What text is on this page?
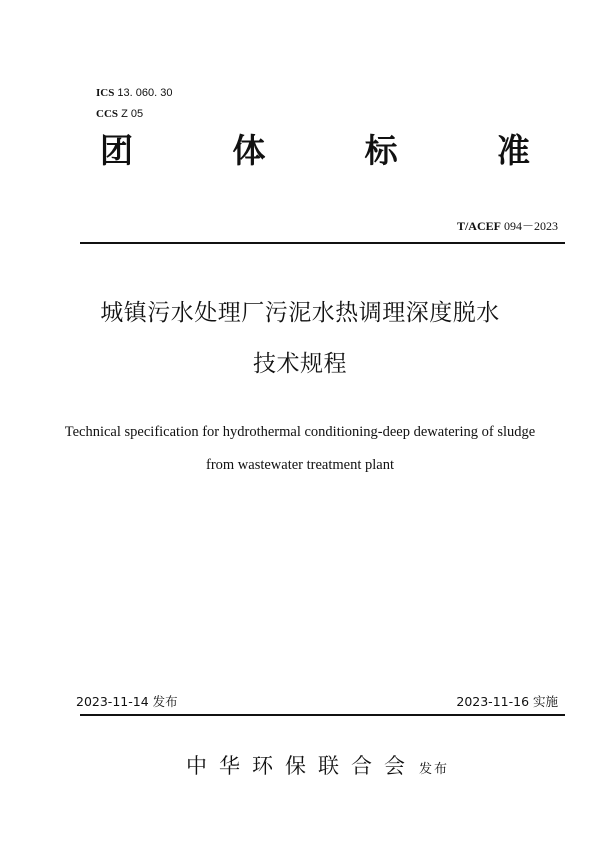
ICS 13. 060. 30
CCS Z 05
团	体	标	准
T/ACEF 094－2023
城镇污水处理厂污泥水热调理深度脱水
技术规程
Technical specification for hydrothermal conditioning-deep dewatering of sludge
from wastewater treatment plant
2023-11-14 发布	2023-11-16 实施
中华环保联合会 发布
